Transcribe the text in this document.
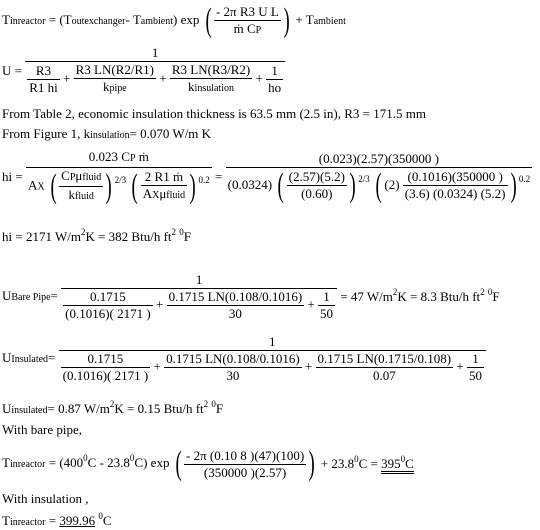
Tinreactor = (Toutexchanger- Tambient) exp ( $\frac{\text{- 2π R3 U L}}{\text{ṁ CP}}$ ) + Tambient
U =
1
$\frac{R3}{R1 hi} + \frac{R3 LN(R2/R1)}{\text{kpipe}} + \frac{R3 LN(R3/R2)}{\text{kinsulation}} + \frac{1}{ho}$
From Table 2, economic insulation thickness is 63.5 mm (2.5 in), R3 = 171.5 mm
From Figure 1, kinsulation= 0.070 W/m K
hi = $\frac{\text{0.023 CP ṁ}}{AX ( \frac{\text{CPμfluid}}{\text{kfluid}} ) ^{2/3} ( \frac{\text{2 R1 ṁ}}{\text{AXμfluid}} ) ^{0.2}}$ =
(0.023)(2.57)(350000 )
(0.0324) ( $\frac{(2.57)(5.2)}{(0.60)}$ ) $^{2/3}$ ( $(2) \frac{(0.1016)(350000 )}{(3.6) (0.0324) (5.2)}$ ) $^{0.2}$
hi = 2171 $W/m^2K = 382$ Btu/h $ft^2$ $^0$F
UBare Pipe=
1
$\frac{0.1715}{(0.1016)( 2171 )} + \frac{0.1715 LN(0.108/0.1016)}{30} + \frac{1}{50} = 47$ $W/m^2K = 8.3$ Btu/h $ft^2$ $^0$F
UInsulated=
1
$\frac{0.1715}{(0.1016)( 2171 )} + \frac{0.1715 LN(0.108/0.1016)}{30} + \frac{0.1715 LN(0.1715/0.108)}{0.07} + \frac{1}{50}$
Uinsulated= 0.87 $W/m^2K = 0.15$ Btu/h $ft^2$ $^0$F
With bare pipe,
Tinreactor = $(400^0C - 23.8^0C)$ exp ( $\frac{- 2\pi (0.10 8 )(47)(100)}{(350000 )(2.57)}$ ) + $23.8^0C = 395^0C$
With insulation ,
Tinreactor = 399.96 $^0$C
